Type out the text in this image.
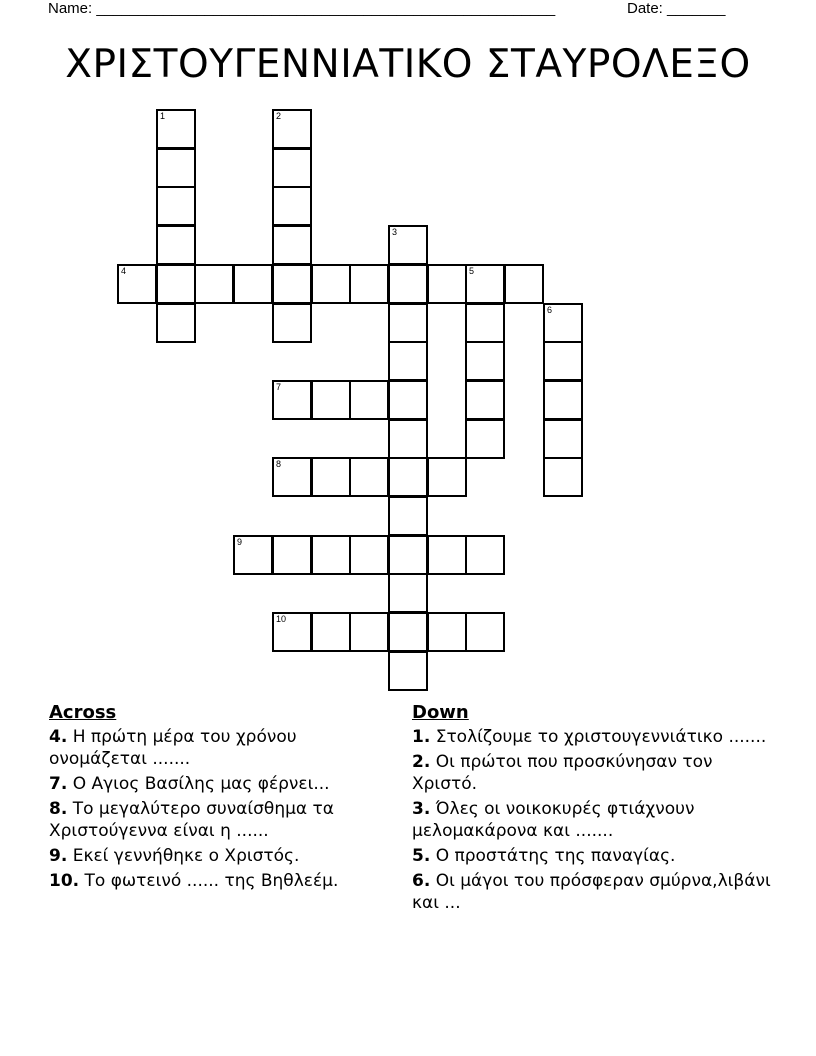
Name: _______________________________________________________	Date: _______
ΧΡΙΣΤΟΥΓΕΝΝΙΑΤΙΚΟ ΣΤΑΥΡΟΛΕΞΟ
1	2
3
4	5
6
7
8
9
10
Across
4. Η πρώτη μέρα του χρόνου ονομάζεται .......
7. Ο Αγιος Βασίλης μας φέρνει...
8. Το μεγαλύτερο συναίσθημα τα Χριστούγεννα είναι η ......
9. Εκεί γεννήθηκε ο Χριστός.
10. Το φωτεινό ...... της Βηθλεέμ.
Down
1. Στολίζουμε το χριστουγεννιάτικο .......
2. Οι πρώτοι που προσκύνησαν τον Χριστό.
3. Όλες οι νοικοκυρές φτιάχνουν μελομακάρονα και .......
5. Ο προστάτης της παναγίας.
6. Οι μάγοι του πρόσφεραν σμύρνα,λιβάνι και ...
